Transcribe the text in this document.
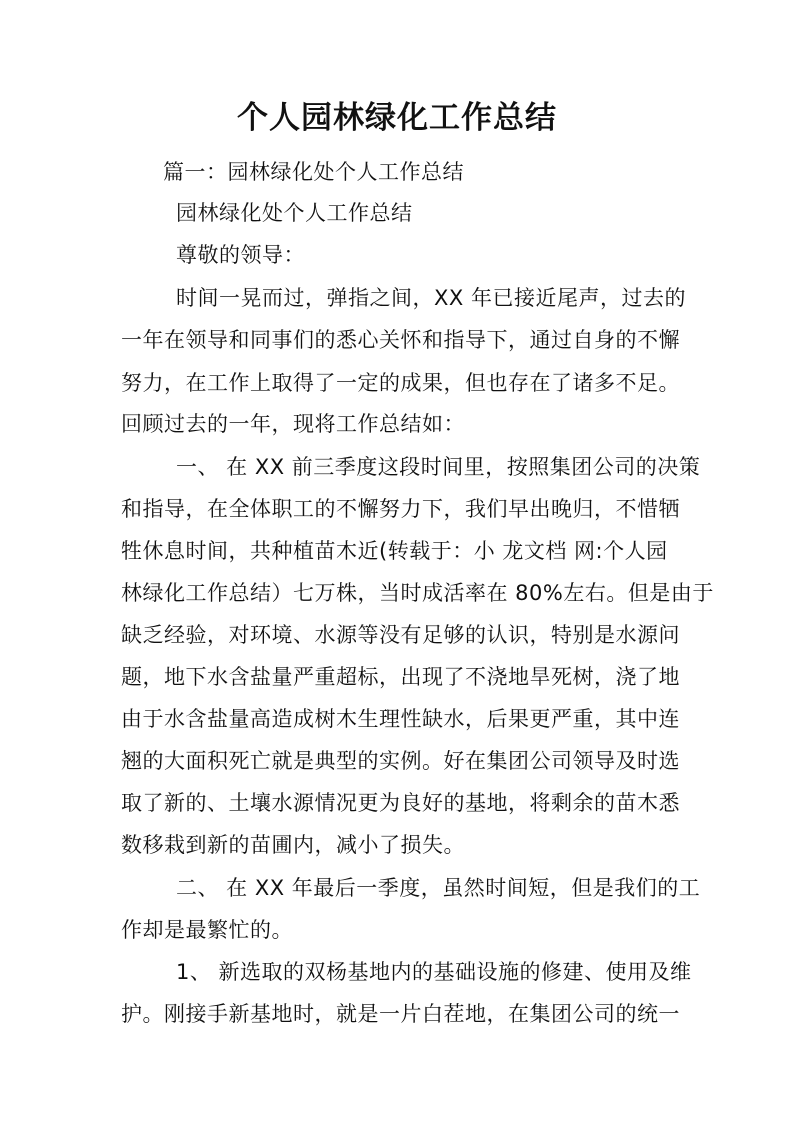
个人园林绿化工作总结
篇一：园林绿化处个人工作总结
园林绿化处个人工作总结
尊敬的领导：
时间一晃而过，弹指之间，XX 年已接近尾声，过去的
一年在领导和同事们的悉心关怀和指导下，通过自身的不懈
努力，在工作上取得了一定的成果，但也存在了诸多不足。
回顾过去的一年，现将工作总结如：
一、 在 XX 前三季度这段时间里，按照集团公司的决策
和指导，在全体职工的不懈努力下，我们早出晚归，不惜牺
牲休息时间，共种植苗木近(转载于：小 龙文档 网:个人园
林绿化工作总结）七万株，当时成活率在 80%左右。但是由于
缺乏经验，对环境、水源等没有足够的认识，特别是水源问
题，地下水含盐量严重超标，出现了不浇地旱死树，浇了地
由于水含盐量高造成树木生理性缺水，后果更严重，其中连
翘的大面积死亡就是典型的实例。好在集团公司领导及时选
取了新的、土壤水源情况更为良好的基地，将剩余的苗木悉
数移栽到新的苗圃内，减小了损失。
二、 在 XX 年最后一季度，虽然时间短，但是我们的工
作却是最繁忙的。
1、 新选取的双杨基地内的基础设施的修建、使用及维
护。刚接手新基地时，就是一片白茬地，在集团公司的统一
